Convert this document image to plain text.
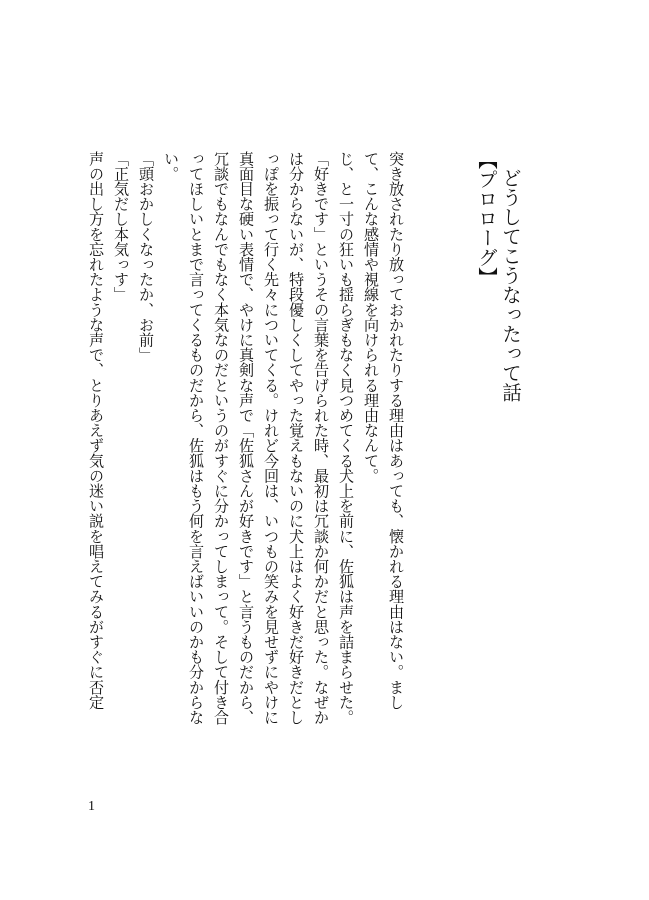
【プロローグ】 どうしてこうなったって話
突き放されたり放っておかれたりする理由はあっても、懐かれる理由はない。まし
て、こんな感情や視線を向けられる理由なんて。
じ、と一寸の狂いも揺らぎもなく見つめてくる犬上を前に、佐狐は声を詰まらせた。
「好きです」というその言葉を告げられた時、最初は冗談か何かだと思った。なぜか
は分からないが、特段優しくしてやった覚えもないのに犬上はよく好きだ好きだとし
っぽを振って行く先々についてくる。けれど今回は、いつもの笑みを見せずにやけに
真面目な硬い表情で、やけに真剣な声で「佐狐さんが好きです」と言うものだから、
冗談でもなんでもなく本気なのだというのがすぐに分かってしまって。そして付き合
ってほしいとまで言ってくるものだから、佐狐はもう何を言えばいいのかも分からな
い。
「頭おかしくなったか、お前」
「正気だし本気っす」
声の出し方を忘れたような声で、とりあえず気の迷い説を唱えてみるがすぐに否定
1
